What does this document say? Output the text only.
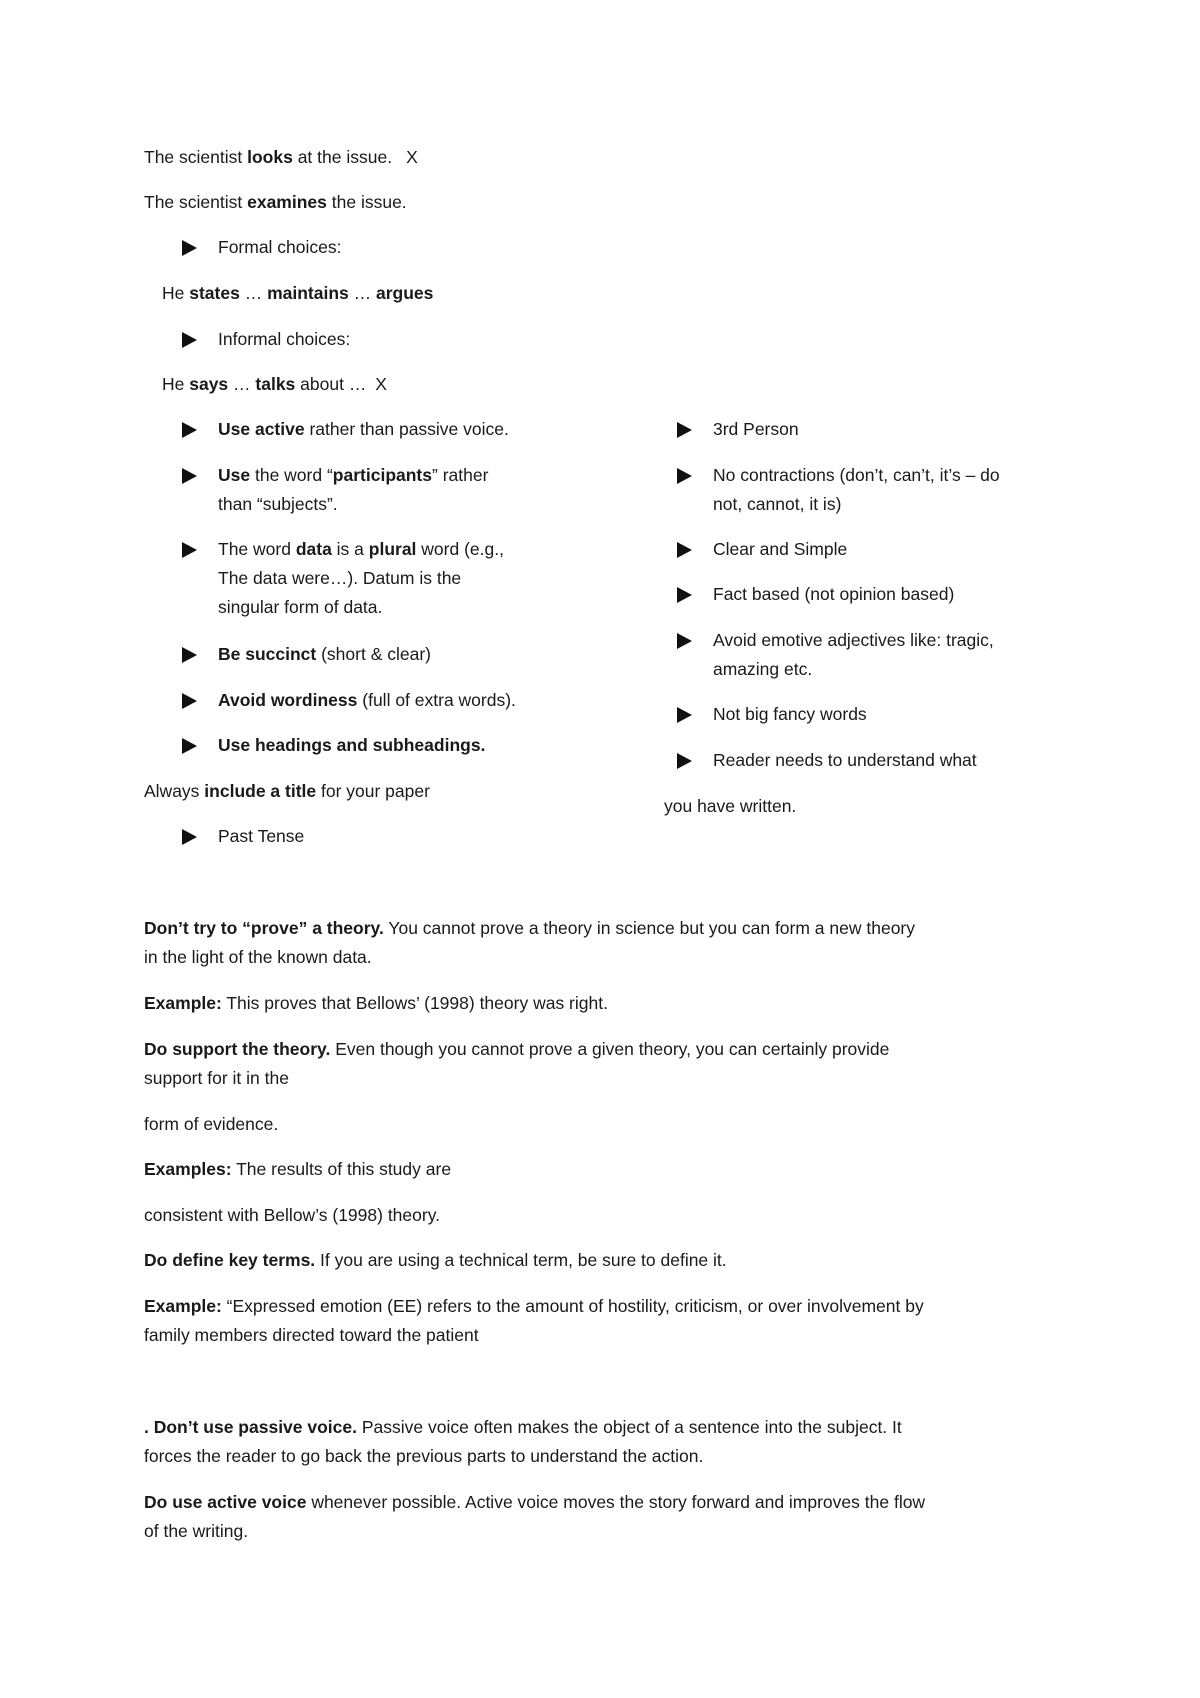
The scientist looks at the issue. X

The scientist examines the issue.

Formal choices:

He states … maintains … argues

Informal choices:

He says … talks about … X

Use active rather than passive voice.
Use the word “participants” rather
than “subjects”.
The word data is a plural word (e.g.,
The data were…). Datum is the
singular form of data.
Be succinct (short & clear)
Avoid wordiness (full of extra words).
Use headings and subheadings.

Always include a title for your paper

Past Tense
3rd Person
No contractions (don’t, can’t, it’s – do
not, cannot, it is)
Clear and Simple
Fact based (not opinion based)
Avoid emotive adjectives like: tragic,
amazing etc.
Not big fancy words
Reader needs to understand what

you have written.

Don’t try to “prove” a theory. You cannot prove a theory in science but you can form a new theory
in the light of the known data.

Example: This proves that Bellows’ (1998) theory was right.

Do support the theory. Even though you cannot prove a given theory, you can certainly provide
support for it in the

form of evidence.

Examples: The results of this study are

consistent with Bellow’s (1998) theory.

Do define key terms. If you are using a technical term, be sure to define it.

Example: “Expressed emotion (EE) refers to the amount of hostility, criticism, or over involvement by
family members directed toward the patient

. Don’t use passive voice. Passive voice often makes the object of a sentence into the subject. It
forces the reader to go back the previous parts to understand the action.

Do use active voice whenever possible. Active voice moves the story forward and improves the flow
of the writing.
